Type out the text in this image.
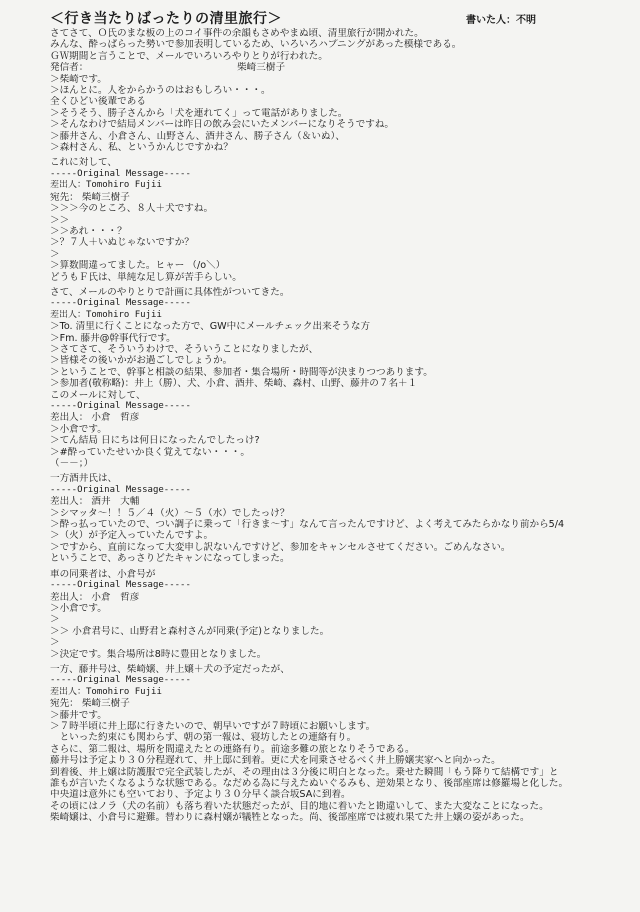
＜行き当たりばったりの清里旅行＞	書いた人：不明
さてさて、Ｏ氏のまな板の上のコイ事件の余韻もさめやまぬ頃、清里旅行が開かれた。
みんな、酔っぱらった勢いで参加表明しているため、いろいろハプニングがあった模様である。
ＧＷ期間と言うことで、メールでいろいろやりとりが行われた。
発信者：　　　　　　　　　　　　　　　　柴崎三樹子
＞柴崎です。
＞ほんとに。人をからかうのはおもしろい・・・。
全くひどい後輩である
＞そうそう、勝子さんから「犬を連れてく」って電話がありました。
＞そんなわけで結局メンバーは昨日の飲み会にいたメンバーになりそうですね。
＞藤井さん、小倉さん、山野さん、酒井さん、勝子さん（＆いぬ）、
＞森村さん、私、というかんじですかね？
これに対して、
-----Original Message-----
差出人：Tomohiro Fujii
宛先： 柴崎三樹子
＞＞＞今のところ、８人＋犬ですね。
＞＞
＞＞あれ・・・？
＞？７人＋いぬじゃないですか？
＞
＞算数間違ってました。ヒャー （/o＼）
どうもＦ氏は、単純な足し算が苦手らしい。
さて、メールのやりとりで計画に具体性がついてきた。
-----Original Message-----
差出人：Tomohiro Fujii
＞To. 清里に行くことになった方で、GW中にメールチェック出来そうな方
＞Fm. 藤井@幹事代行です。
＞さてさて、そういうわけで、そういうことになりましたが、
＞皆様その後いかがお過ごしでしょうか。
＞ということで、幹事と相談の結果、参加者・集合場所・時間等が決まりつつあります。
＞参加者(敬称略)：井上（勝）、犬、小倉、酒井、柴崎、森村、山野、藤井の７名＋１
このメールに対して、
-----Original Message-----
差出人： 小倉　哲彦
＞小倉です。
＞てん結局 日にちは何日になったんでしたっけ?
＞#酔っていたせいか良く覚えてない・・・。
（－－；）
一方酒井氏は、
-----Original Message-----
差出人： 酒井　大輔
＞シマッタ～！！５／４（火）～５（水）でしたっけ？
＞酔っ払っていたので、つい調子に乗って「行きま～す」なんて言ったんですけど、よく考えてみたらかなり前から5/4
＞（火）が予定入っていたんですよ。
＞ですから、直前になって大変申し訳ないんですけど、参加をキャンセルさせてください。ごめんなさい。
ということで、あっさりどたキャンになってしまった。
車の同乗者は、小倉号が
-----Original Message-----
差出人： 小倉　哲彦
＞小倉です。
＞
＞＞ 小倉君号に、山野君と森村さんが同乗(予定)となりました。
＞
＞決定です。集合場所は8時に豊田となりました。
一方、藤井号は、柴崎嬢、井上嬢＋犬の予定だったが、
-----Original Message-----
差出人：Tomohiro Fujii
宛先： 柴崎三樹子
＞藤井です。
＞７時半頃に井上邸に行きたいので、朝早いですが７時頃にお願いします。
　といった約束にも関わらず、朝の第一報は、寝坊したとの連絡有り。
さらに、第二報は、場所を間違えたとの連絡有り。前途多難の旅となりそうである。
藤井号は予定より３０分程遅れて、井上邸に到着。更に犬を同乗させるべく井上勝嬢実家へと向かった。
到着後、井上嬢は防護服で完全武装したが、その理由は３分後に明白となった。乗せた瞬間「もう降りて結構です」と
誰もが言いたくなるような状態である。なだめる為に与えたぬいぐるみも、逆効果となり、後部座席は修羅場と化した。
中央道は意外にも空いており、予定より３０分早く談合坂SAに到着。
その頃にはノラ（犬の名前）も落ち着いた状態だったが、目的地に着いたと勘違いして、また大変なことになった。
柴崎嬢は、小倉号に避難。替わりに森村嬢が犠牲となった。尚、後部座席では疲れ果てた井上嬢の姿があった。
